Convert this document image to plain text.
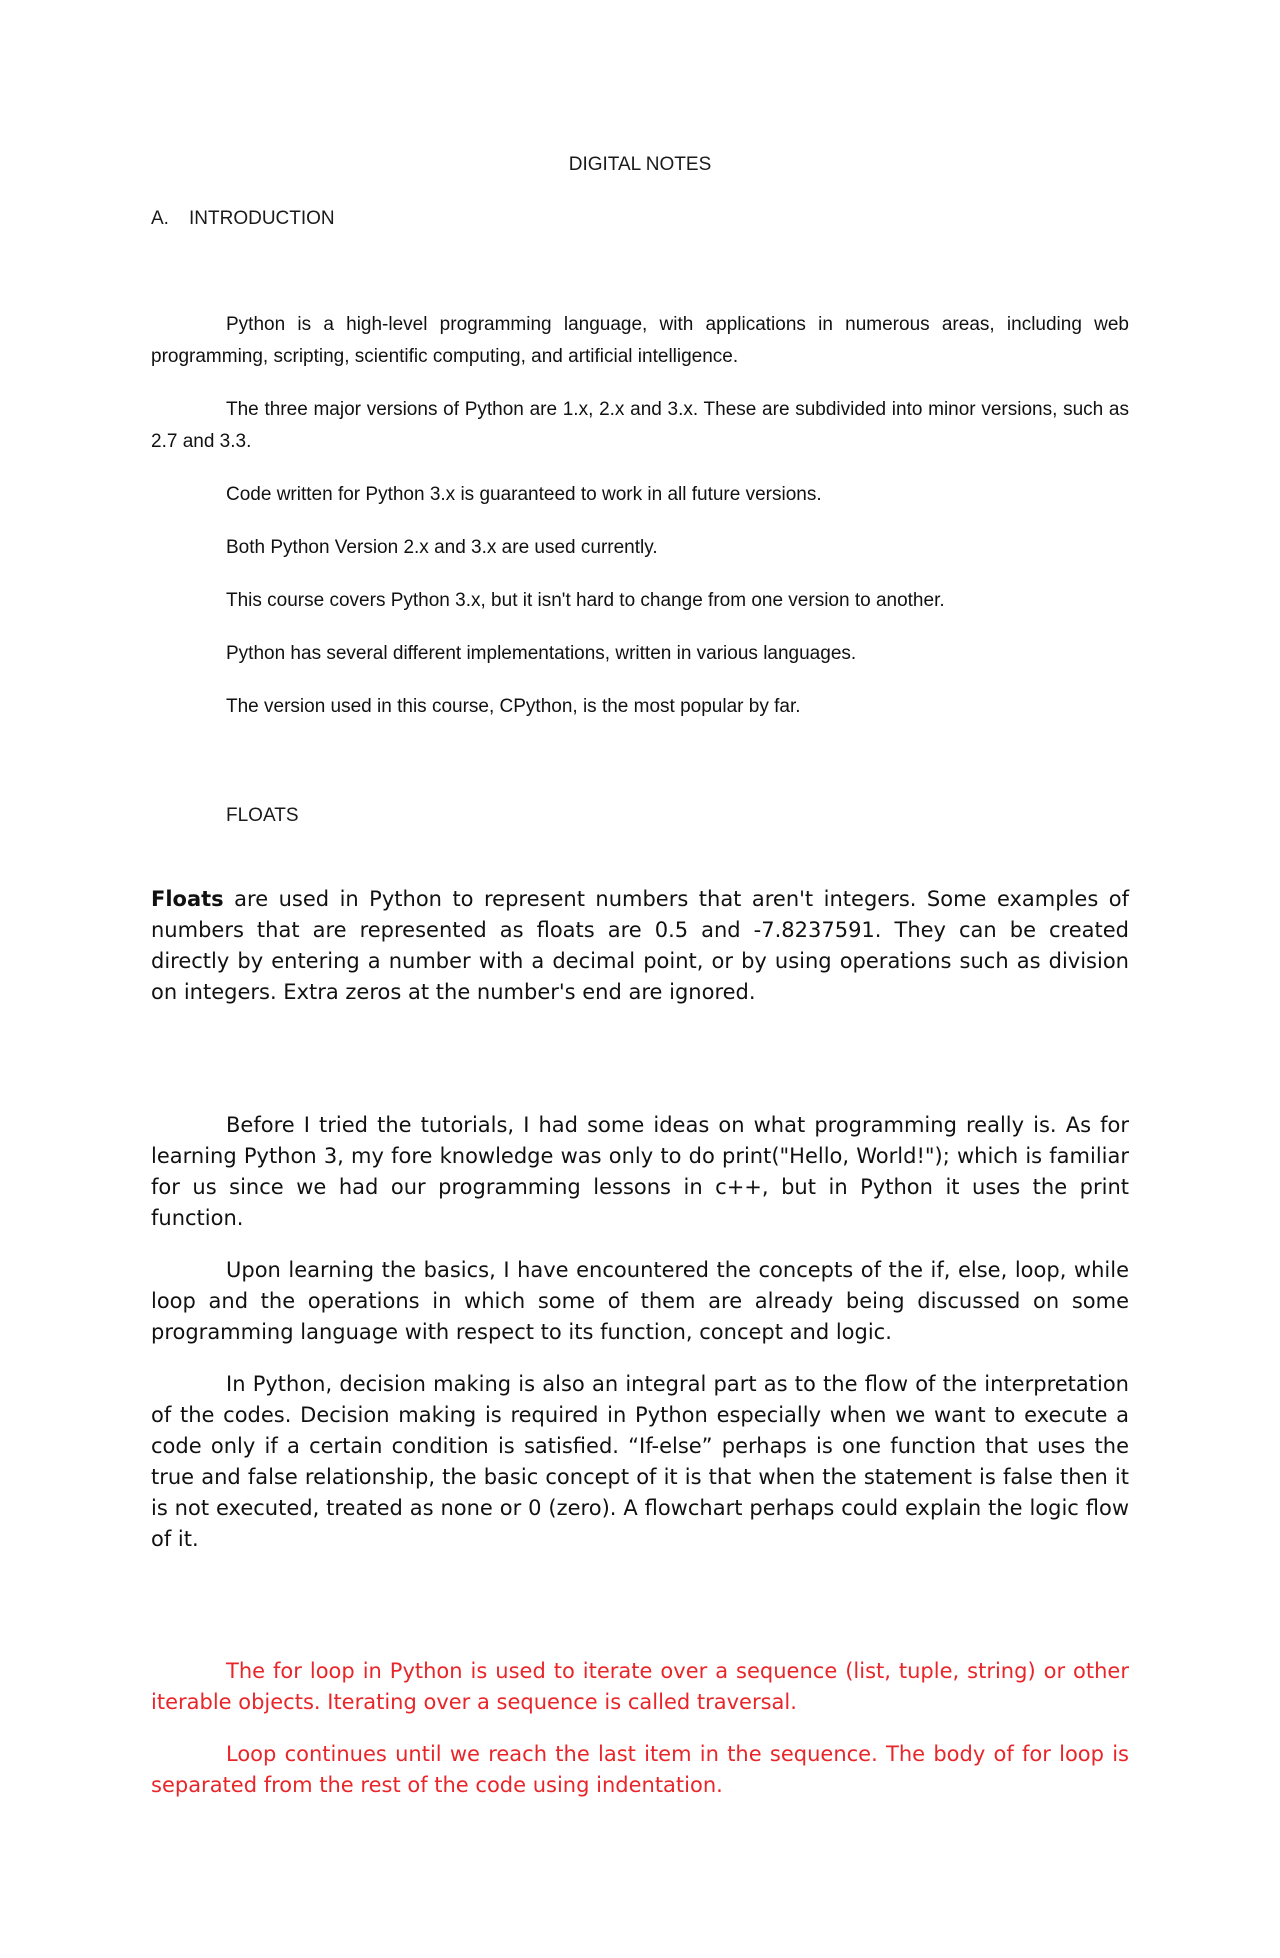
DIGITAL NOTES
A. INTRODUCTION

Python is a high-level programming language, with applications in numerous areas, including web programming, scripting, scientific computing, and artificial intelligence.

The three major versions of Python are 1.x, 2.x and 3.x. These are subdivided into minor versions, such as 2.7 and 3.3.

Code written for Python 3.x is guaranteed to work in all future versions.

Both Python Version 2.x and 3.x are used currently.

This course covers Python 3.x, but it isn't hard to change from one version to another.

Python has several different implementations, written in various languages.

The version used in this course, CPython, is the most popular by far.

FLOATS

Floats are used in Python to represent numbers that aren't integers. Some examples of numbers that are represented as floats are 0.5 and -7.8237591. They can be created directly by entering a number with a decimal point, or by using operations such as division on integers. Extra zeros at the number's end are ignored.

Before I tried the tutorials, I had some ideas on what programming really is. As for learning Python 3, my fore knowledge was only to do print("Hello, World!"); which is familiar for us since we had our programming lessons in c++, but in Python it uses the print function.

Upon learning the basics, I have encountered the concepts of the if, else, loop, while loop and the operations in which some of them are already being discussed on some programming language with respect to its function, concept and logic.

In Python, decision making is also an integral part as to the flow of the interpretation of the codes. Decision making is required in Python especially when we want to execute a code only if a certain condition is satisfied. “If-else” perhaps is one function that uses the true and false relationship, the basic concept of it is that when the statement is false then it is not executed, treated as none or 0 (zero). A flowchart perhaps could explain the logic flow of it.

The for loop in Python is used to iterate over a sequence (list, tuple, string) or other iterable objects. Iterating over a sequence is called traversal.

Loop continues until we reach the last item in the sequence. The body of for loop is separated from the rest of the code using indentation.
